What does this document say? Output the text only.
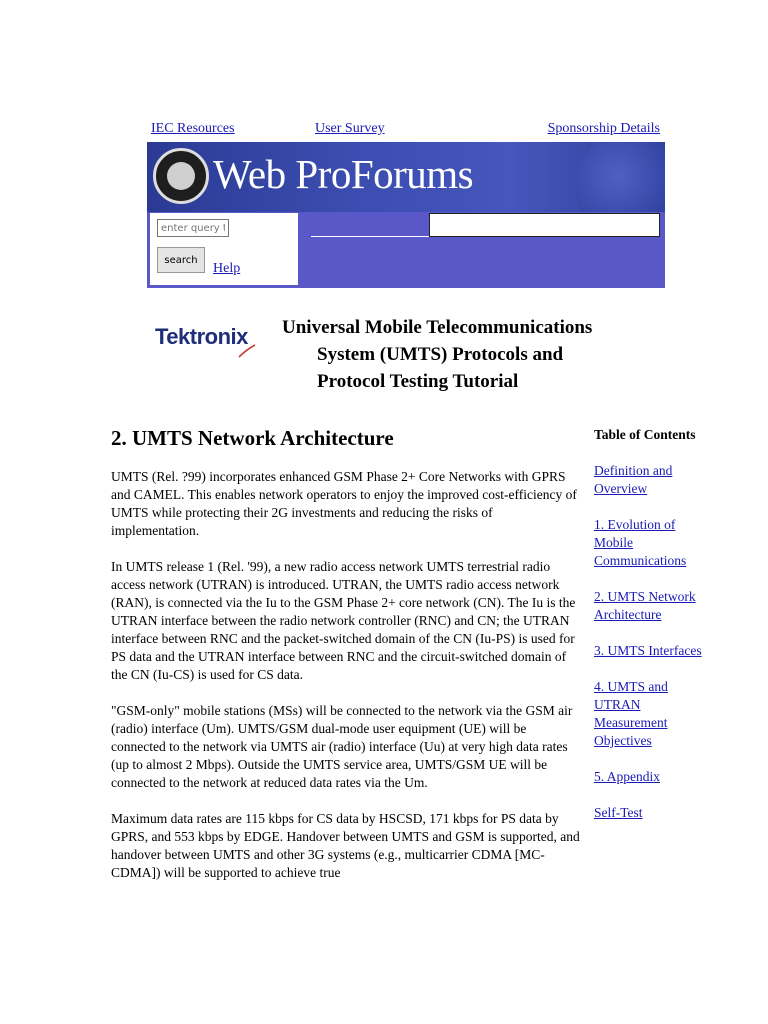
IEC Resources	User Survey	Sponsorship Details
Web ProForums
enter query te
search
Help
Tektronix Universal Mobile Telecommunications
System (UMTS) Protocols and
Protocol Testing Tutorial
2. UMTS Network Architecture

UMTS (Rel. ?99) incorporates enhanced GSM Phase 2+ Core Networks with GPRS and CAMEL. This enables network operators to enjoy the improved cost-efficiency of UMTS while protecting their 2G investments and reducing the risks of implementation.

In UMTS release 1 (Rel. '99), a new radio access network UMTS terrestrial radio access network (UTRAN) is introduced. UTRAN, the UMTS radio access network (RAN), is connected via the Iu to the GSM Phase 2+ core network (CN). The Iu is the UTRAN interface between the radio network controller (RNC) and CN; the UTRAN interface between RNC and the packet-switched domain of the CN (Iu-PS) is used for PS data and the UTRAN interface between RNC and the circuit-switched domain of the CN (Iu-CS) is used for CS data.

"GSM-only" mobile stations (MSs) will be connected to the network via the GSM air (radio) interface (Um). UMTS/GSM dual-mode user equipment (UE) will be connected to the network via UMTS air (radio) interface (Uu) at very high data rates (up to almost 2 Mbps). Outside the UMTS service area, UMTS/GSM UE will be connected to the network at reduced data rates via the Um.

Maximum data rates are 115 kbps for CS data by HSCSD, 171 kbps for PS data by GPRS, and 553 kbps by EDGE. Handover between UMTS and GSM is supported, and handover between UMTS and other 3G systems (e.g., multicarrier CDMA [MC-CDMA]) will be supported to achieve true

Table of Contents
Definition and Overview
1. Evolution of Mobile Communications
2. UMTS Network Architecture
3. UMTS Interfaces
4. UMTS and UTRAN Measurement Objectives
5. Appendix
Self-Test
